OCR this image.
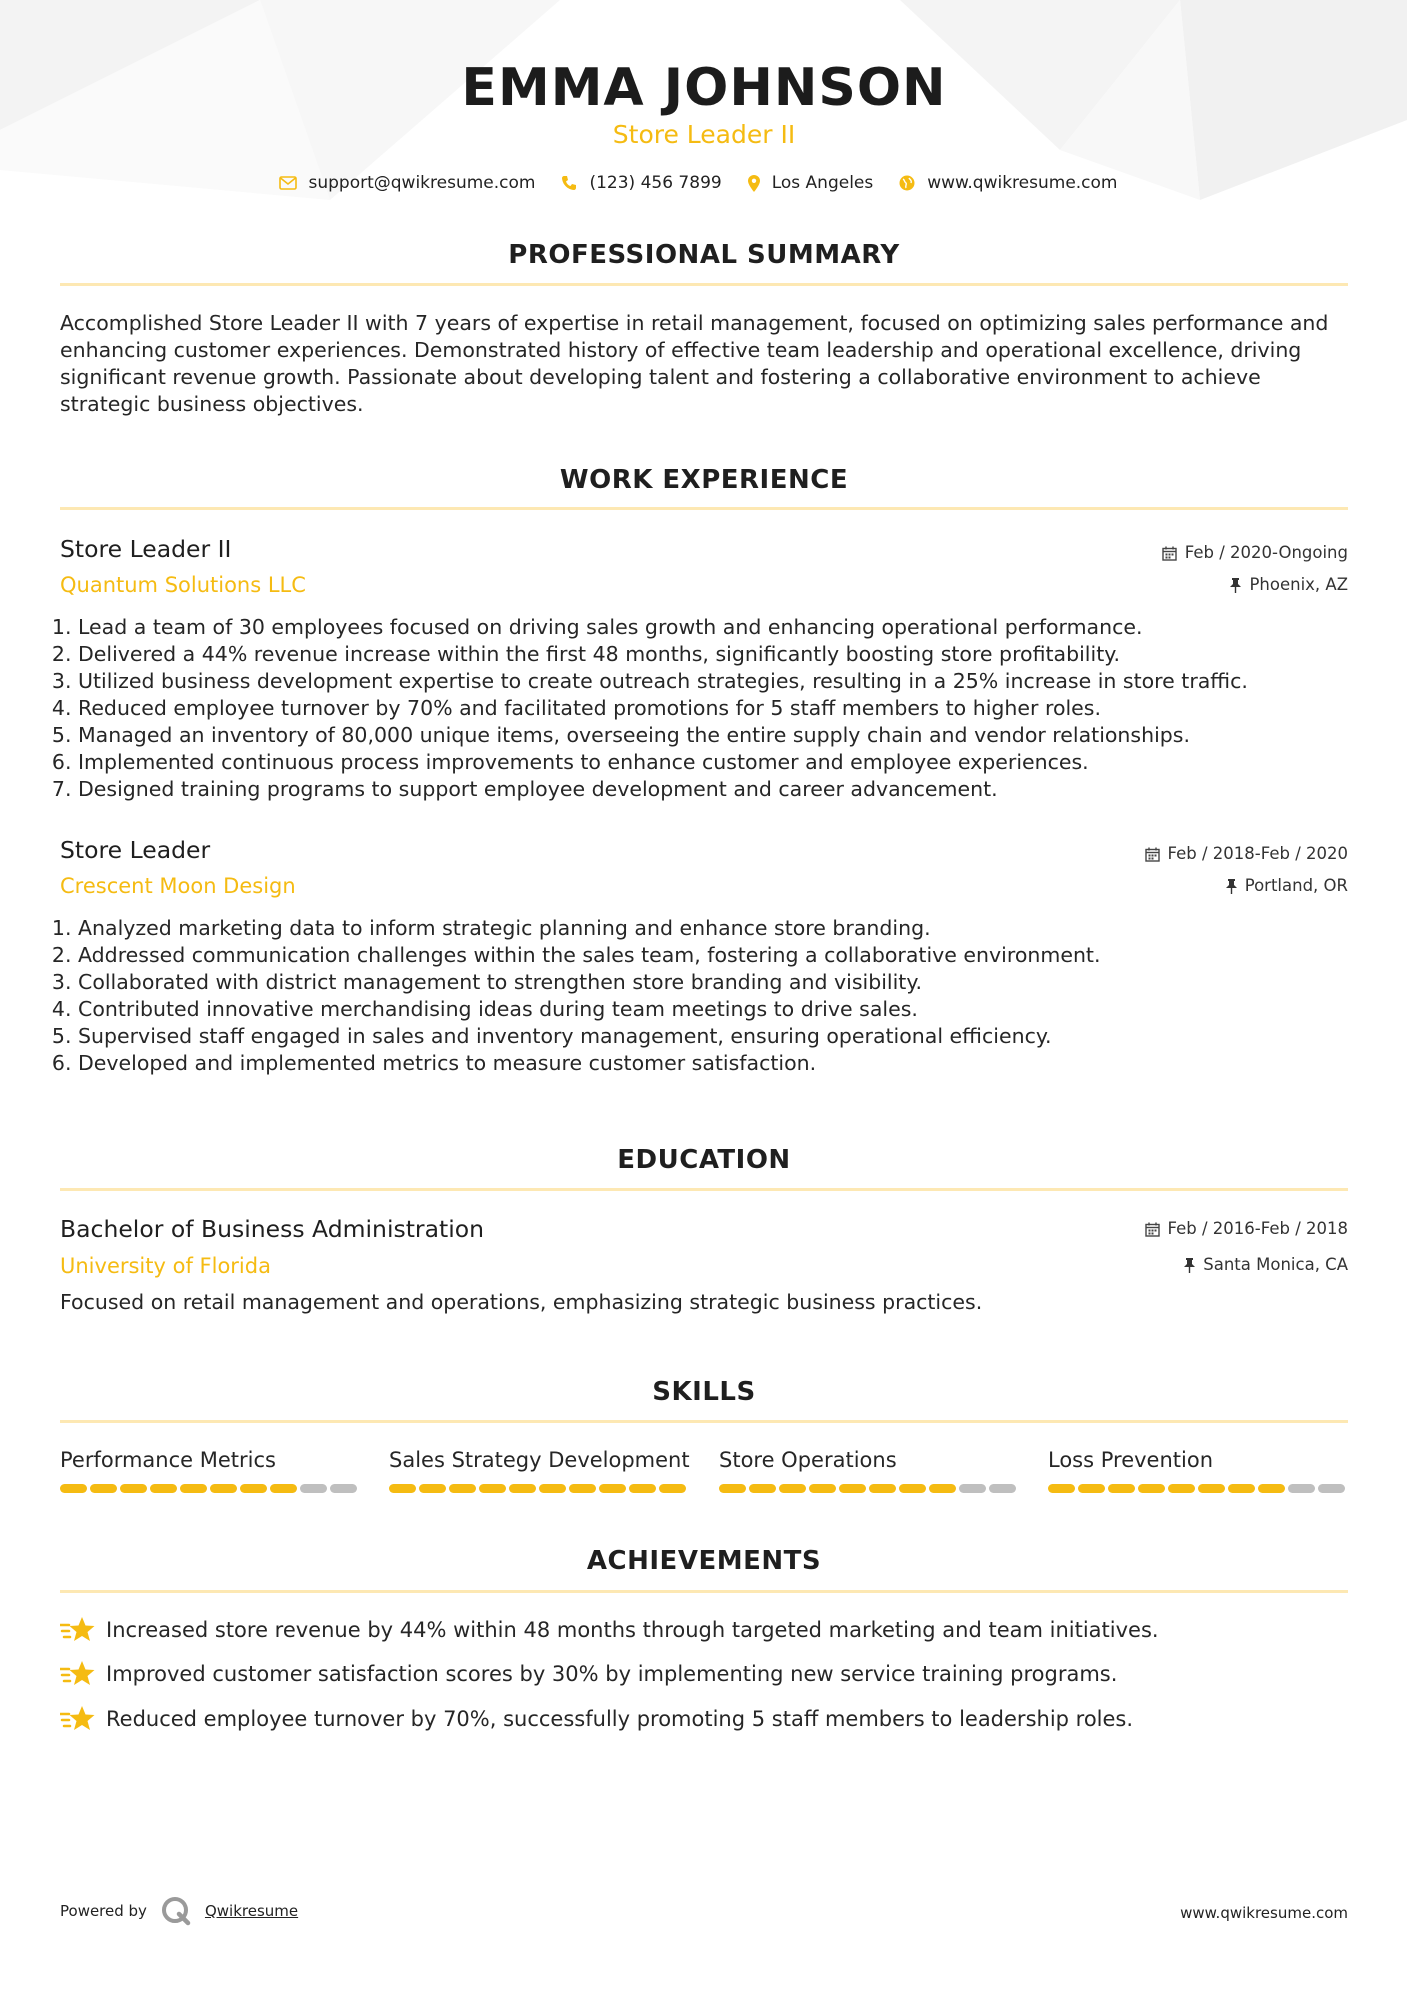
EMMA JOHNSON
Store Leader II
support@qwikresume.com	(123) 456 7899	Los Angeles	www.qwikresume.com
PROFESSIONAL SUMMARY
Accomplished Store Leader II with 7 years of expertise in retail management, focused on optimizing sales performance and enhancing customer experiences. Demonstrated history of effective team leadership and operational excellence, driving significant revenue growth. Passionate about developing talent and fostering a collaborative environment to achieve strategic business objectives.
WORK EXPERIENCE
Store Leader II
Quantum Solutions LLC
Feb / 2020-Ongoing
Phoenix, AZ
1. Lead a team of 30 employees focused on driving sales growth and enhancing operational performance.
2. Delivered a 44% revenue increase within the first 48 months, significantly boosting store profitability.
3. Utilized business development expertise to create outreach strategies, resulting in a 25% increase in store traffic.
4. Reduced employee turnover by 70% and facilitated promotions for 5 staff members to higher roles.
5. Managed an inventory of 80,000 unique items, overseeing the entire supply chain and vendor relationships.
6. Implemented continuous process improvements to enhance customer and employee experiences.
7. Designed training programs to support employee development and career advancement.
Store Leader
Crescent Moon Design
Feb / 2018-Feb / 2020
Portland, OR
1. Analyzed marketing data to inform strategic planning and enhance store branding.
2. Addressed communication challenges within the sales team, fostering a collaborative environment.
3. Collaborated with district management to strengthen store branding and visibility.
4. Contributed innovative merchandising ideas during team meetings to drive sales.
5. Supervised staff engaged in sales and inventory management, ensuring operational efficiency.
6. Developed and implemented metrics to measure customer satisfaction.
EDUCATION
Bachelor of Business Administration
University of Florida
Feb / 2016-Feb / 2018
Santa Monica, CA
Focused on retail management and operations, emphasizing strategic business practices.
SKILLS
Performance Metrics	Sales Strategy Development Store Operations	Loss Prevention
ACHIEVEMENTS
Increased store revenue by 44% within 48 months through targeted marketing and team initiatives.
Improved customer satisfaction scores by 30% by implementing new service training programs.
Reduced employee turnover by 70%, successfully promoting 5 staff members to leadership roles.
Powered by	Qwikresume	www.qwikresume.com
